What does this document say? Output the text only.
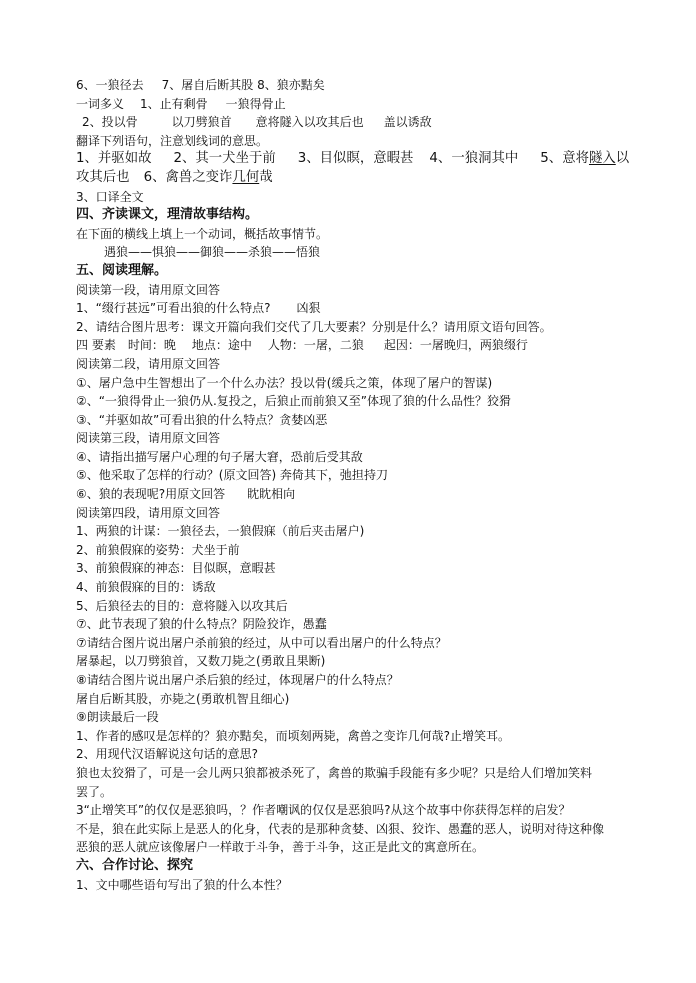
6、一狼径去 7、屠自后断其股 8、狼亦黠矣
一词多义 1、止有剩骨 一狼得骨止
2、投以骨	以刀劈狼首 意将隧入以攻其后也 盖以诱敌
翻译下列语句，注意划线词的意思。
1、并驱如故 2、其一犬坐于前 3、目似瞑，意暇甚 4、一狼洞其中 5、意将隧入以
攻其后也 6、禽兽之变诈几何哉
3、口译全文
四、齐读课文，理清故事结构。
在下面的横线上填上一个动词，概括故事情节。
遇狼——惧狼——御狼——杀狼——悟狼
五、阅读理解。
阅读第一段，请用原文回答
1、“缀行甚远”可看出狼的什么特点? 凶狠
2、请结合图片思考：课文开篇向我们交代了几大要素？分别是什么？请用原文语句回答。
四 要素 时间：晚 地点：途中 人物：一屠，二狼 起因：一屠晚归，两狼缀行
阅读第二段，请用原文回答
①、屠户急中生智想出了一个什么办法？投以骨(缓兵之策，体现了屠户的智谋)
②、“一狼得骨止一狼仍从.复投之，后狼止而前狼又至”体现了狼的什么品性？狡猾
③、“并驱如故”可看出狼的什么特点？贪婪凶恶
阅读第三段，请用原文回答
④、请指出描写屠户心理的句子屠大窘，恐前后受其敌
⑤、他采取了怎样的行动？(原文回答) 奔倚其下，弛担持刀
⑥、狼的表现呢?用原文回答 眈眈相向
阅读第四段，请用原文回答
1、两狼的计谋：一狼径去，一狼假寐（前后夹击屠户)
2、前狼假寐的姿势：犬坐于前
3、前狼假寐的神态：目似瞑，意暇甚
4、前狼假寐的目的：诱敌
5、后狼径去的目的：意将隧入以攻其后
⑦、此节表现了狼的什么特点？阴险狡诈，愚蠢
⑦请结合图片说出屠户杀前狼的经过，从中可以看出屠户的什么特点？
屠暴起，以刀劈狼首，又数刀毙之(勇敢且果断)
⑧请结合图片说出屠户杀后狼的经过，体现屠户的什么特点？
屠自后断其股，亦毙之(勇敢机智且细心)
⑨朗读最后一段
1、作者的感叹是怎样的？狼亦黠矣，而顷刻两毙，禽兽之变诈几何哉?止增笑耳。
2、用现代汉语解说这句话的意思?
狼也太狡猾了，可是一会儿两只狼都被杀死了，禽兽的欺骗手段能有多少呢？只是给人们增加笑料
罢了。
3“止增笑耳”的仅仅是恶狼吗，？作者嘲讽的仅仅是恶狼吗?从这个故事中你获得怎样的启发？
不是，狼在此实际上是恶人的化身，代表的是那种贪婪、凶狠、狡诈、愚蠢的恶人，说明对待这种像
恶狼的恶人就应该像屠户一样敢于斗争，善于斗争，这正是此文的寓意所在。
六、合作讨论、探究
1、文中哪些语句写出了狼的什么本性？
